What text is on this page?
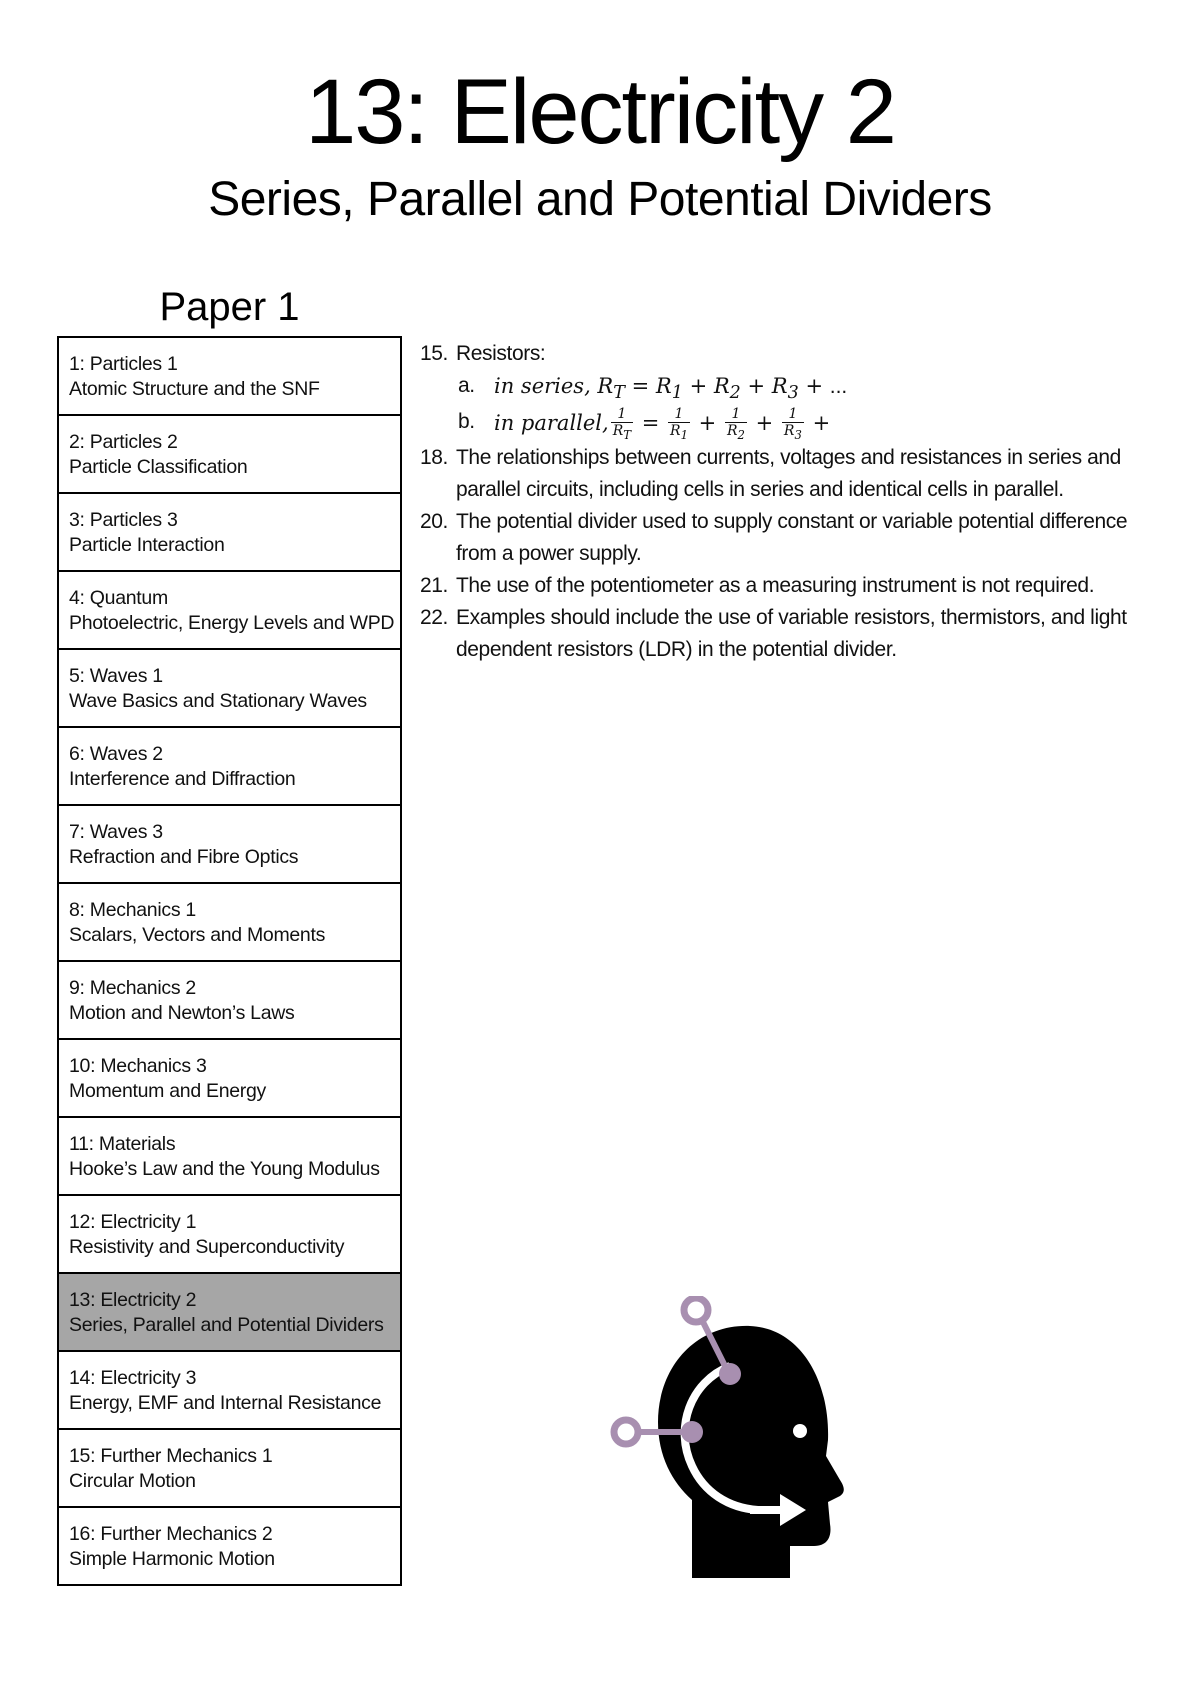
13: Electricity 2
Series, Parallel and Potential Dividers
Paper 1
1: Particles 1
Atomic Structure and the SNF
2: Particles 2
Particle Classification
3: Particles 3
Particle Interaction
4: Quantum
Photoelectric, Energy Levels and WPD
5: Waves 1
Wave Basics and Stationary Waves
6: Waves 2
Interference and Diffraction
7: Waves 3
Refraction and Fibre Optics
8: Mechanics 1
Scalars, Vectors and Moments
9: Mechanics 2
Motion and Newton’s Laws
10: Mechanics 3
Momentum and Energy
11: Materials
Hooke’s Law and the Young Modulus
12: Electricity 1
Resistivity and Superconductivity
13: Electricity 2
Series, Parallel and Potential Dividers
14: Electricity 3
Energy, EMF and Internal Resistance
15: Further Mechanics 1
Circular Motion
16: Further Mechanics 2
Simple Harmonic Motion
15. Resistors:
a. in series, $R_T = R_1 + R_2 + R_3$ + ...
b. in parallel, $\frac{1}{R_T} = \frac{1}{R_1} + \frac{1}{R_2} + \frac{1}{R_3}$ +
18. The relationships between currents, voltages and resistances in series and parallel circuits, including cells in series and identical cells in parallel.
20. The potential divider used to supply constant or variable potential difference from a power supply.
21. The use of the potentiometer as a measuring instrument is not required.
22. Examples should include the use of variable resistors, thermistors, and light dependent resistors (LDR) in the potential divider.
